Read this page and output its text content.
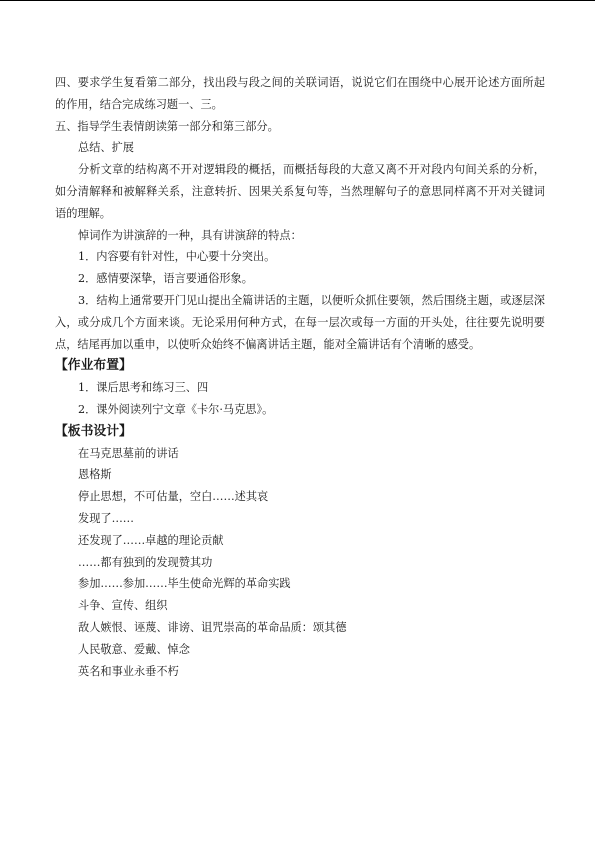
四、要求学生复看第二部分，找出段与段之间的关联词语，说说它们在围绕中心展开论述方面所起的作用，结合完成练习题一、三。

五、指导学生表情朗读第一部分和第三部分。

总结、扩展

分析文章的结构离不开对逻辑段的概括，而概括每段的大意又离不开对段内句间关系的分析，如分清解释和被解释关系，注意转折、因果关系复句等，当然理解句子的意思同样离不开对关键词语的理解。

悼词作为讲演辞的一种，具有讲演辞的特点：

1．内容要有针对性，中心要十分突出。

2．感情要深挚，语言要通俗形象。

3．结构上通常要开门见山提出全篇讲话的主题，以便听众抓住要领，然后围绕主题，或逐层深入，或分成几个方面来谈。无论采用何种方式，在每一层次或每一方面的开头处，往往要先说明要点，结尾再加以重申，以使听众始终不偏离讲话主题，能对全篇讲话有个清晰的感受。

【作业布置】

1．课后思考和练习三、四

2．课外阅读列宁文章《卡尔·马克思》。

【板书设计】

在马克思墓前的讲话

恩格斯

停止思想，不可估量，空白……述其哀

发现了……

还发现了……卓越的理论贡献

……都有独到的发现赞其功

参加……参加……毕生使命光辉的革命实践

斗争、宣传、组织

敌人嫉恨、诬蔑、诽谤、诅咒崇高的革命品质：颂其德

人民敬意、爱戴、悼念

英名和事业永垂不朽
